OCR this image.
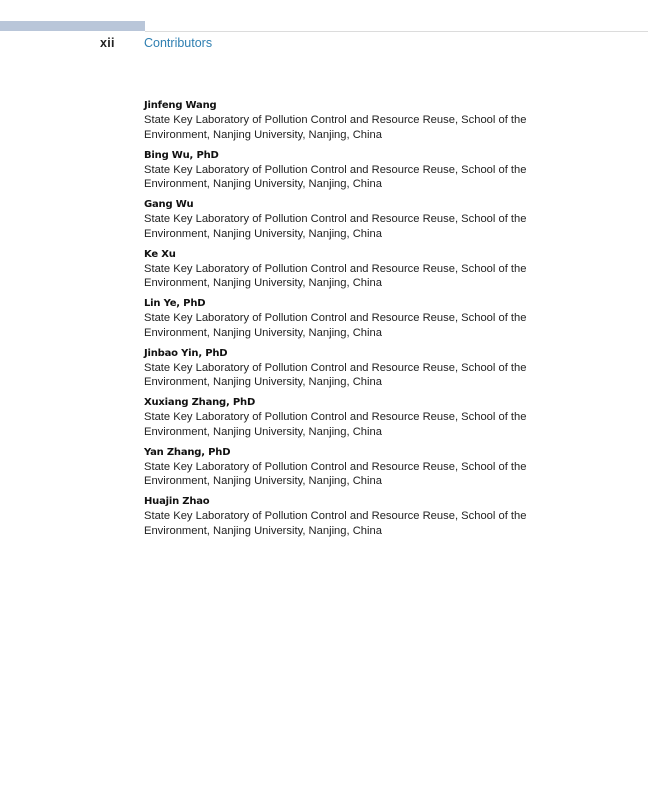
xii Contributors
Jinfeng Wang
State Key Laboratory of Pollution Control and Resource Reuse, School of the Environment, Nanjing University, Nanjing, China
Bing Wu, PhD
State Key Laboratory of Pollution Control and Resource Reuse, School of the Environment, Nanjing University, Nanjing, China
Gang Wu
State Key Laboratory of Pollution Control and Resource Reuse, School of the Environment, Nanjing University, Nanjing, China
Ke Xu
State Key Laboratory of Pollution Control and Resource Reuse, School of the Environment, Nanjing University, Nanjing, China
Lin Ye, PhD
State Key Laboratory of Pollution Control and Resource Reuse, School of the Environment, Nanjing University, Nanjing, China
Jinbao Yin, PhD
State Key Laboratory of Pollution Control and Resource Reuse, School of the Environment, Nanjing University, Nanjing, China
Xuxiang Zhang, PhD
State Key Laboratory of Pollution Control and Resource Reuse, School of the Environment, Nanjing University, Nanjing, China
Yan Zhang, PhD
State Key Laboratory of Pollution Control and Resource Reuse, School of the Environment, Nanjing University, Nanjing, China
Huajin Zhao
State Key Laboratory of Pollution Control and Resource Reuse, School of the Environment, Nanjing University, Nanjing, China
